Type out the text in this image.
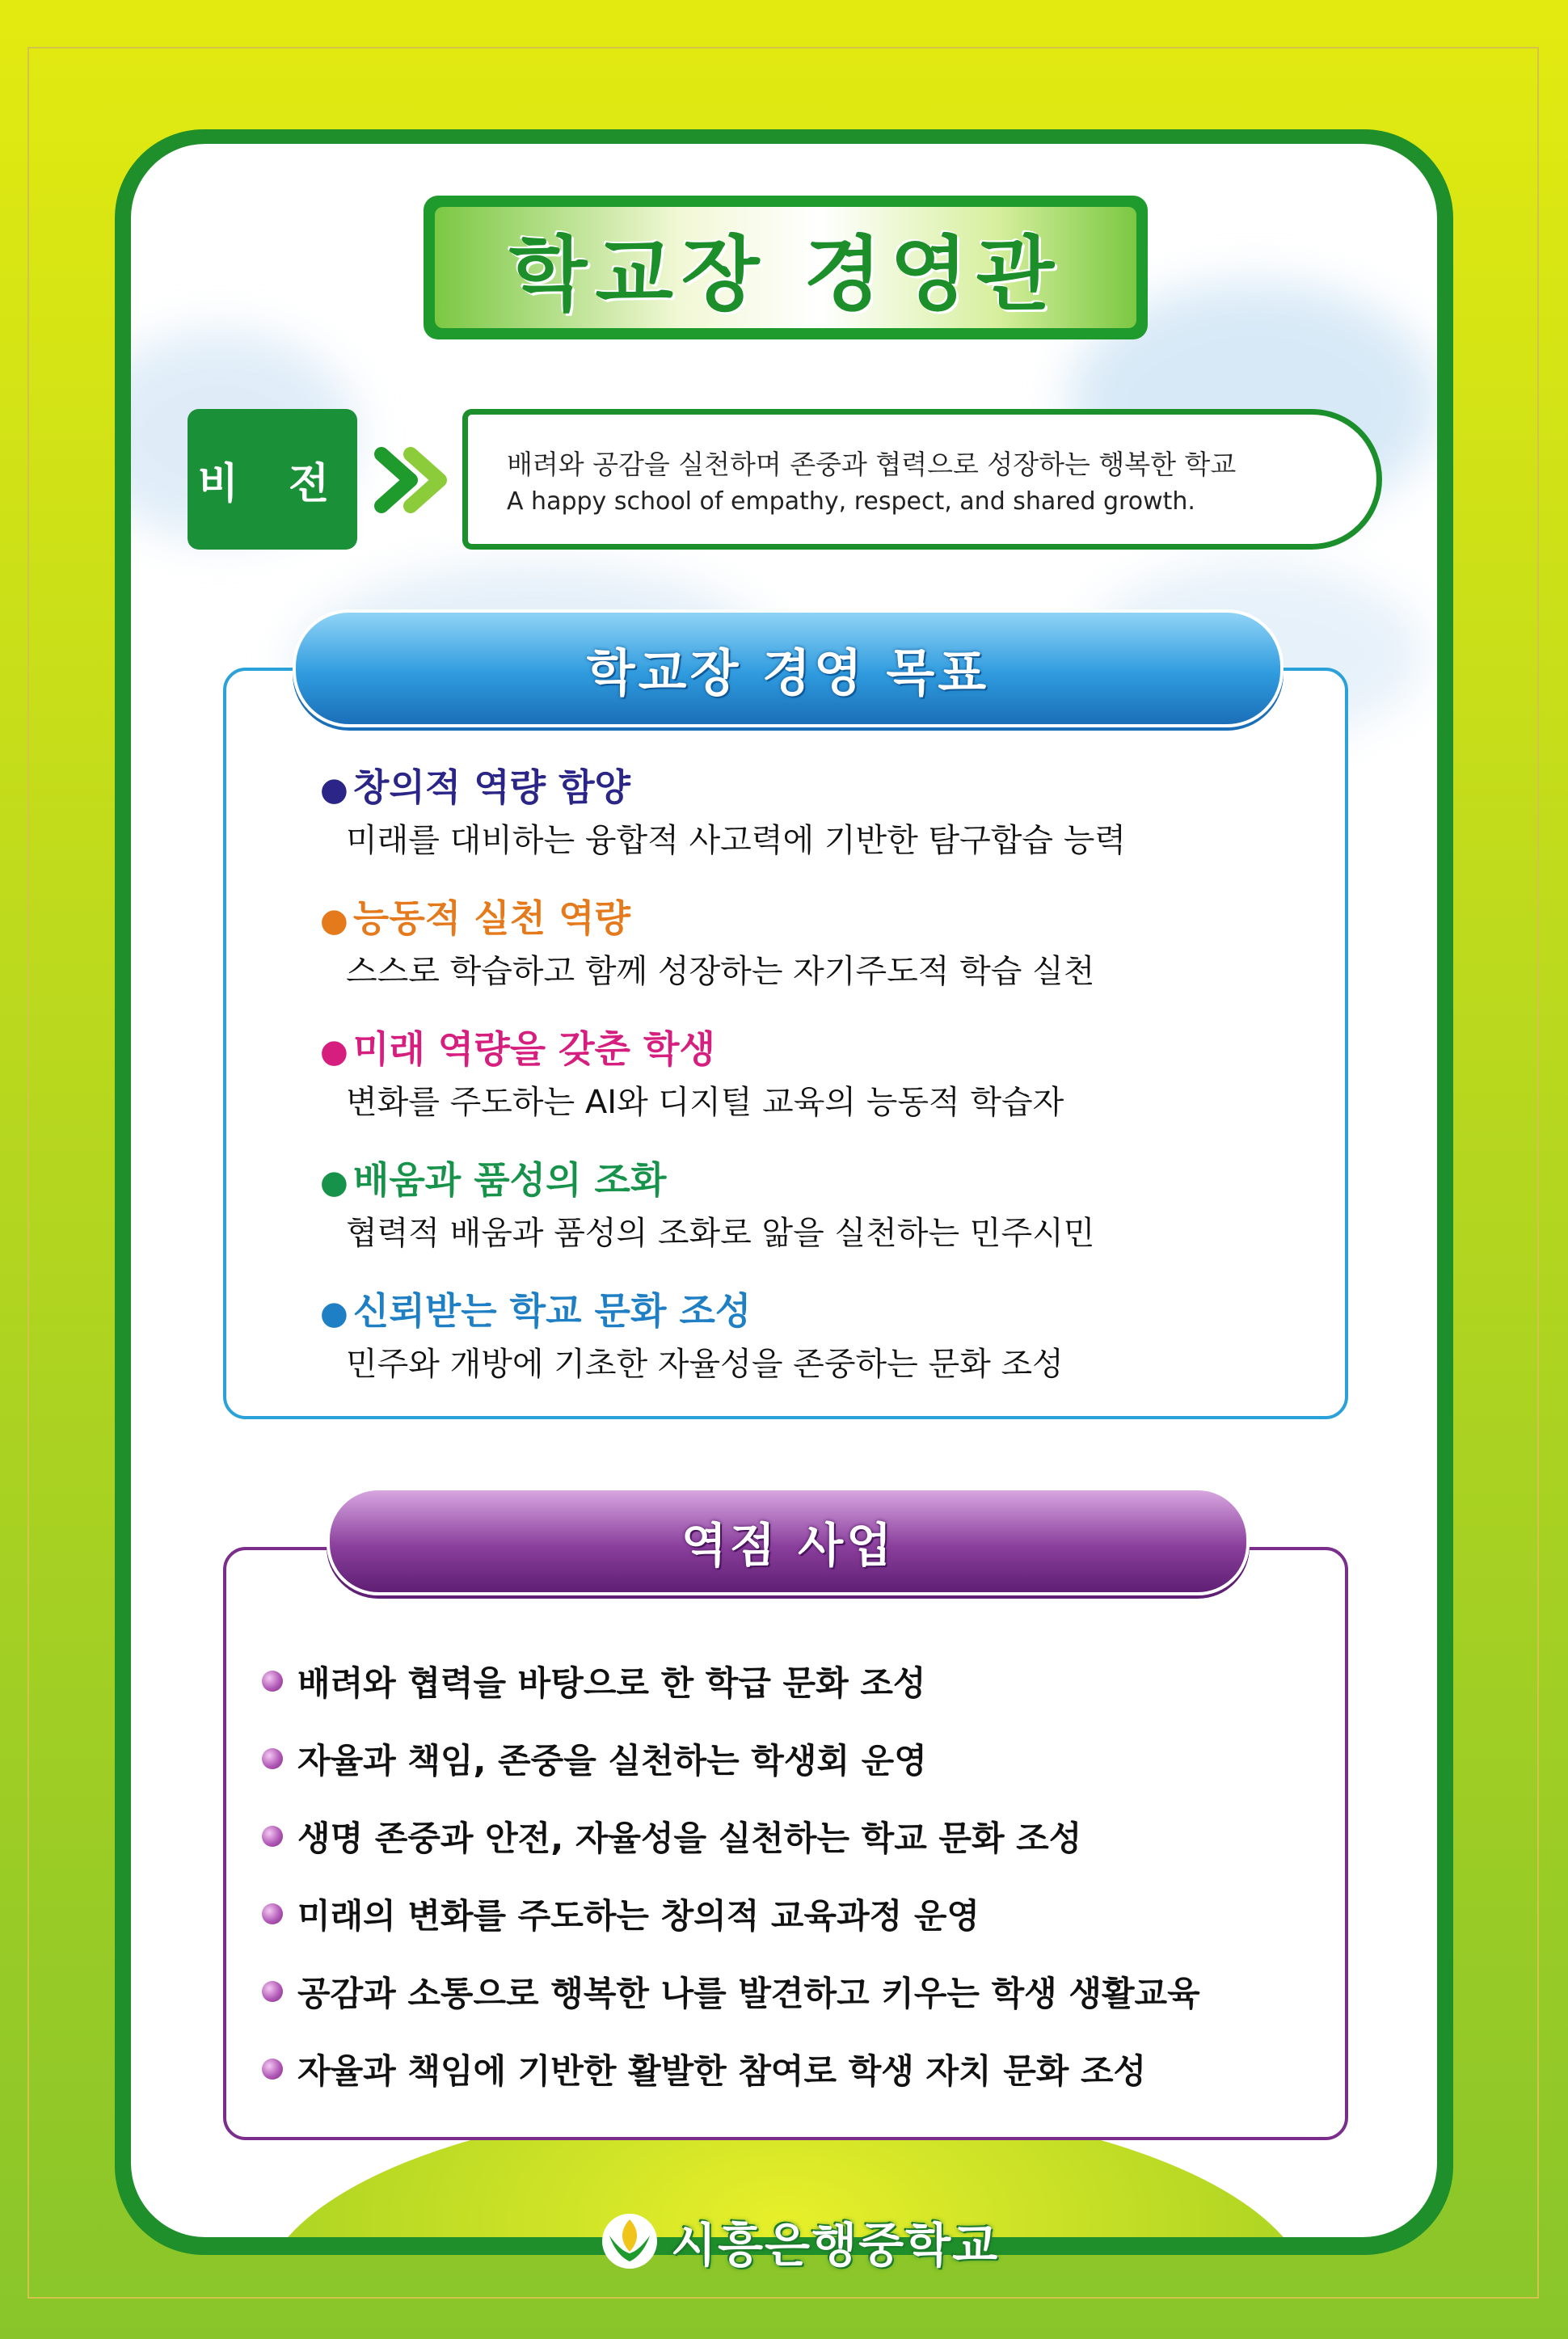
학교장 경영관
비 전	배려와 공감을 실천하며 존중과 협력으로 성장하는 행복한 학교
A happy school of empathy, respect, and shared growth.
학교장 경영 목표
● 창의적 역량 함양
미래를 대비하는 융합적 사고력에 기반한 탐구합습 능력
● 능동적 실천 역량
스스로 학습하고 함께 성장하는 자기주도적 학습 실천
● 미래 역량을 갖춘 학생
변화를 주도하는 AI와 디지털 교육의 능동적 학습자
● 배움과 품성의 조화
협력적 배움과 품성의 조화로 앎을 실천하는 민주시민
● 신뢰받는 학교 문화 조성
민주와 개방에 기초한 자율성을 존중하는 문화 조성
역점 사업
배려와 협력을 바탕으로 한 학급 문화 조성
자율과 책임, 존중을 실천하는 학생회 운영
생명 존중과 안전, 자율성을 실천하는 학교 문화 조성
미래의 변화를 주도하는 창의적 교육과정 운영
공감과 소통으로 행복한 나를 발견하고 키우는 학생 생활교육
자율과 책임에 기반한 활발한 참여로 학생 자치 문화 조성
시흥은행중학교
